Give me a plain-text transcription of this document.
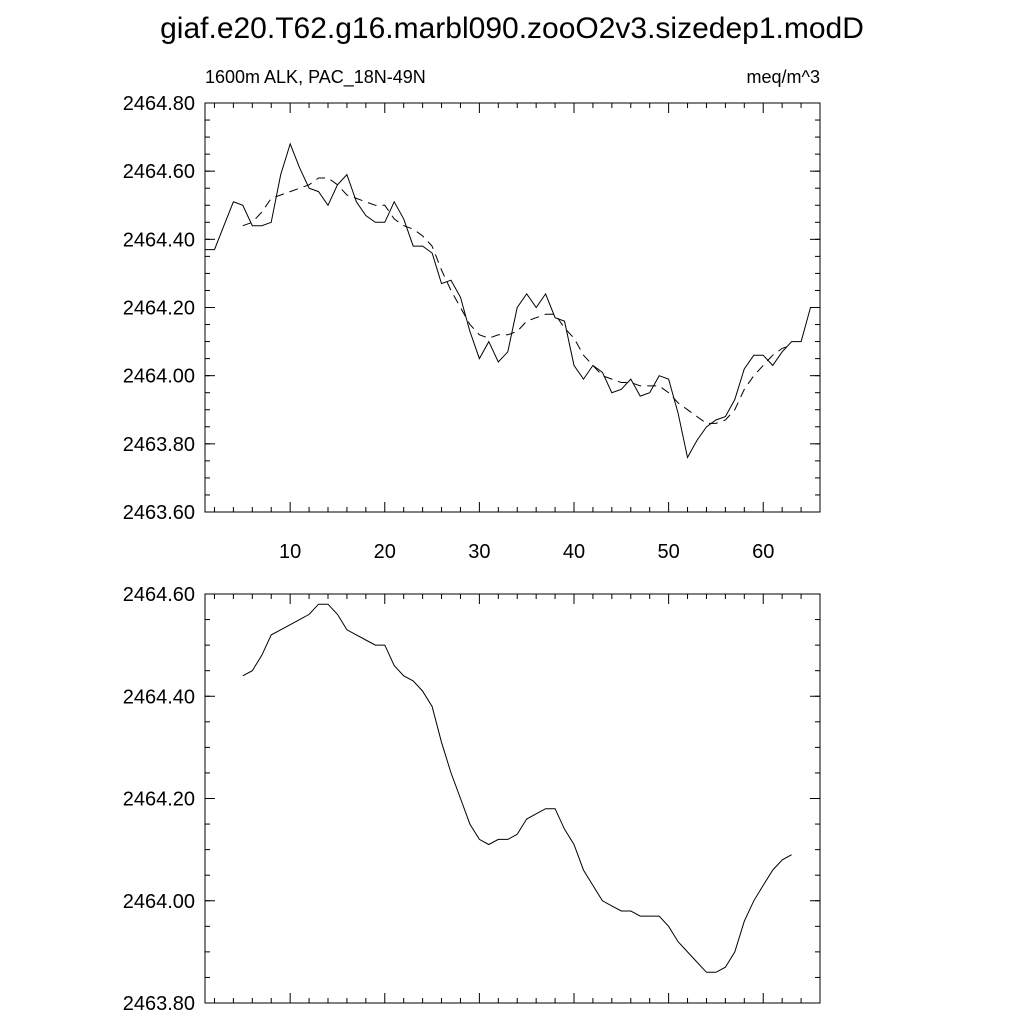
giaf.e20.T62.g16.marbl090.zooO2v3.sizedep1.modD
1600m ALK, PAC_18N-49N	meq/m^3
2463.60
2463.80
2464.00
2464.20
2464.40
2464.60
2464.80
10	20	30	40	50	60
2463.80
2464.00
2464.20
2464.40
2464.60
